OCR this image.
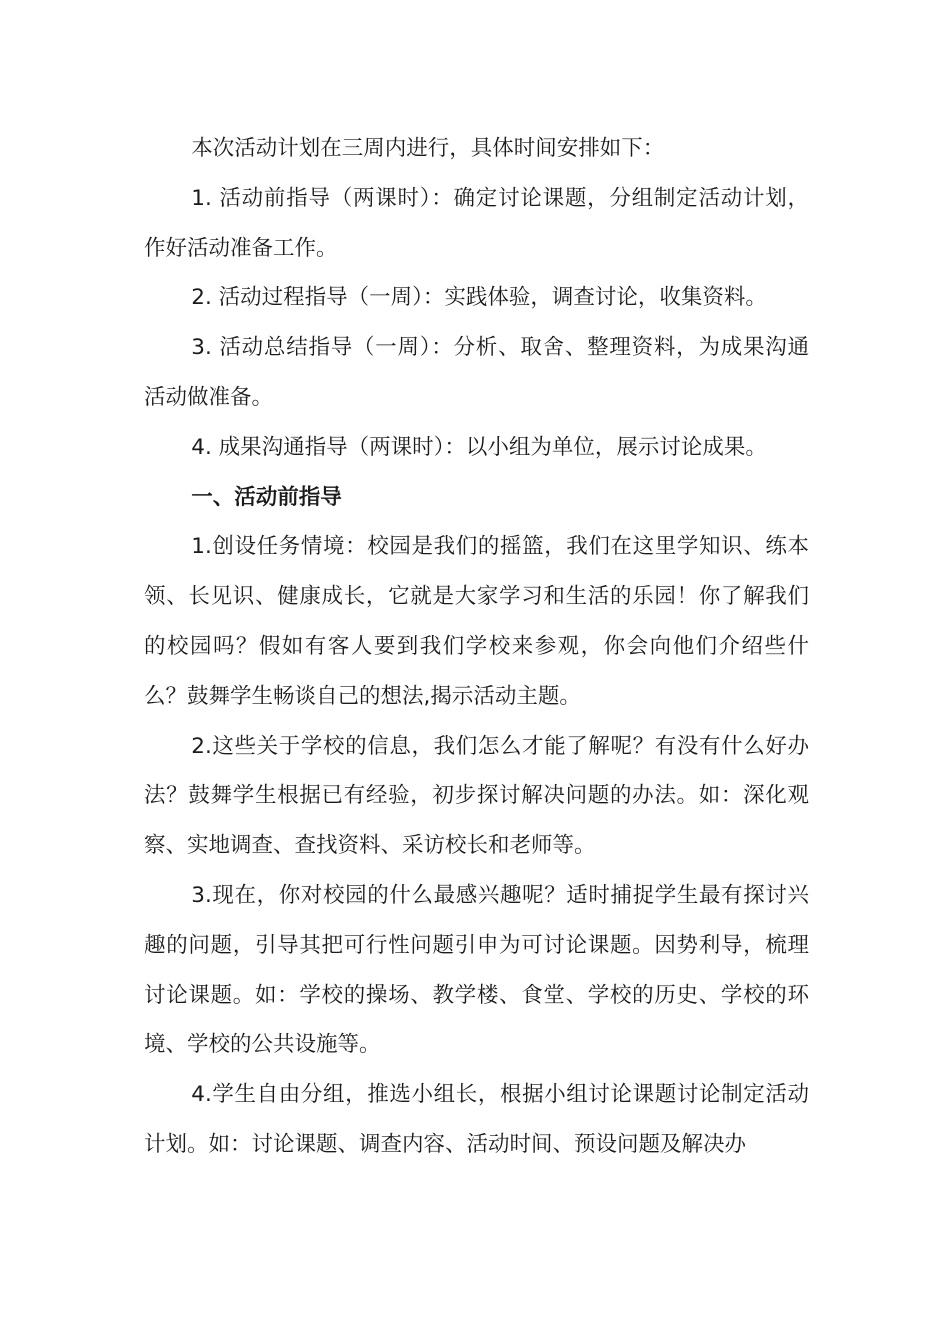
本次活动计划在三周内进行，具体时间安排如下：

1. 活动前指导（两课时）：确定讨论课题，分组制定活动计划，作好活动准备工作。

2. 活动过程指导（一周）：实践体验，调查讨论，收集资料。

3. 活动总结指导（一周）：分析、取舍、整理资料，为成果沟通活动做准备。

4. 成果沟通指导（两课时）：以小组为单位，展示讨论成果。

一、活动前指导

1.创设任务情境：校园是我们的摇篮，我们在这里学知识、练本领、长见识、健康成长，它就是大家学习和生活的乐园！你了解我们的校园吗？假如有客人要到我们学校来参观，你会向他们介绍些什么？鼓舞学生畅谈自己的想法,揭示活动主题。

2.这些关于学校的信息，我们怎么才能了解呢？有没有什么好办法？鼓舞学生根据已有经验，初步探讨解决问题的办法。如：深化观察、实地调查、查找资料、采访校长和老师等。

3.现在，你对校园的什么最感兴趣呢？适时捕捉学生最有探讨兴趣的问题，引导其把可行性问题引申为可讨论课题。因势利导，梳理讨论课题。如：学校的操场、教学楼、食堂、学校的历史、学校的环境、学校的公共设施等。

4.学生自由分组，推选小组长，根据小组讨论课题讨论制定活动计划。如：讨论课题、调查内容、活动时间、预设问题及解决办
